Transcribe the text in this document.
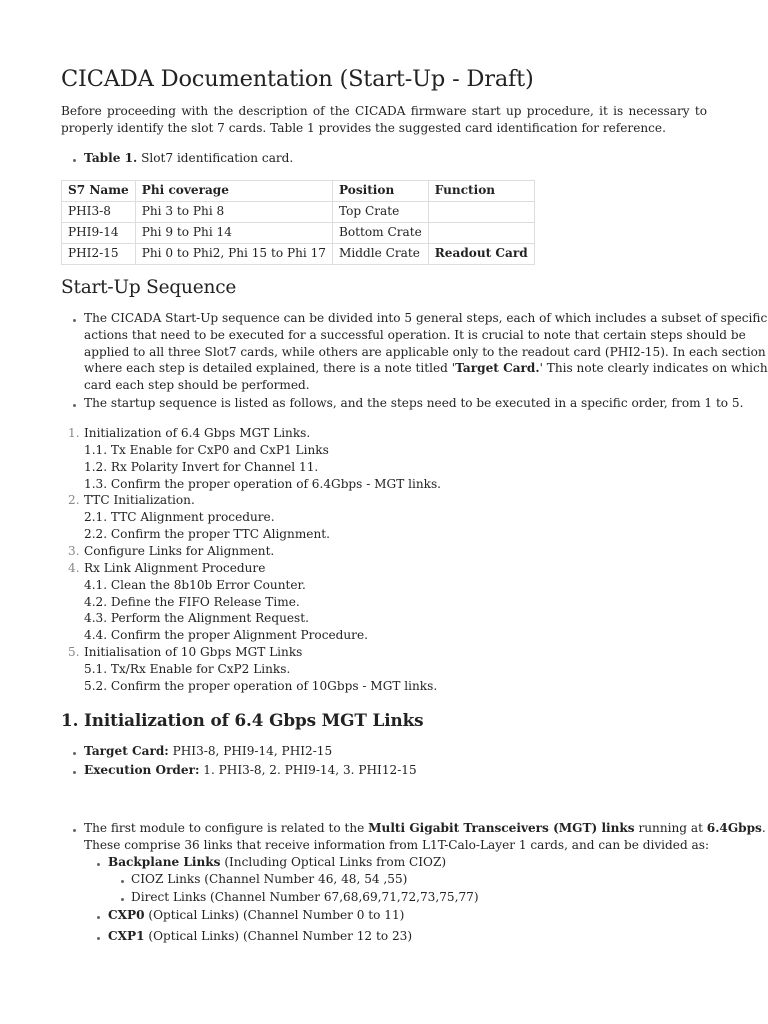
CICADA Documentation (Start-Up - Draft)

Before proceeding with the description of the CICADA firmware start up procedure, it is necessary to properly identify the slot 7 cards. Table 1 provides the suggested card identification for reference.

Table 1. Slot7 identification card.
S7 Name	Phi coverage	Position	Function
PHI3-8	Phi 3 to Phi 8	Top Crate	
PHI9-14	Phi 9 to Phi 14	Bottom Crate	
PHI2-15	Phi 0 to Phi2, Phi 15 to Phi 17	Middle Crate	Readout Card
Start-Up Sequence
The CICADA Start-Up sequence can be divided into 5 general steps, each of which includes a subset of specific
actions that need to be executed for a successful operation. It is crucial to note that certain steps should be
applied to all three Slot7 cards, while others are applicable only to the readout card (PHI2-15). In each section
where each step is detailed explained, there is a note titled 'Target Card.' This note clearly indicates on which
card each step should be performed.
The startup sequence is listed as follows, and the steps need to be executed in a specific order, from 1 to 5.
1. Initialization of 6.4 Gbps MGT Links.
1.1. Tx Enable for CxP0 and CxP1 Links
1.2. Rx Polarity Invert for Channel 11.
1.3. Confirm the proper operation of 6.4Gbps - MGT links.
2. TTC Initialization.
2.1. TTC Alignment procedure.
2.2. Confirm the proper TTC Alignment.
3. Configure Links for Alignment.
4. Rx Link Alignment Procedure
4.1. Clean the 8b10b Error Counter.
4.2. Define the FIFO Release Time.
4.3. Perform the Alignment Request.
4.4. Confirm the proper Alignment Procedure.
5. Initialisation of 10 Gbps MGT Links
5.1. Tx/Rx Enable for CxP2 Links.
5.2. Confirm the proper operation of 10Gbps - MGT links.
1. Initialization of 6.4 Gbps MGT Links
Target Card: PHI3-8, PHI9-14, PHI2-15
Execution Order: 1. PHI3-8, 2. PHI9-14, 3. PHI12-15
The first module to configure is related to the Multi Gigabit Transceivers (MGT) links running at 6.4Gbps.
These comprise 36 links that receive information from L1T-Calo-Layer 1 cards, and can be divided as:
Backplane Links (Including Optical Links from CIOZ)
CIOZ Links (Channel Number 46, 48, 54 ,55)
Direct Links (Channel Number 67,68,69,71,72,73,75,77)
CXP0 (Optical Links) (Channel Number 0 to 11)
CXP1 (Optical Links) (Channel Number 12 to 23)
